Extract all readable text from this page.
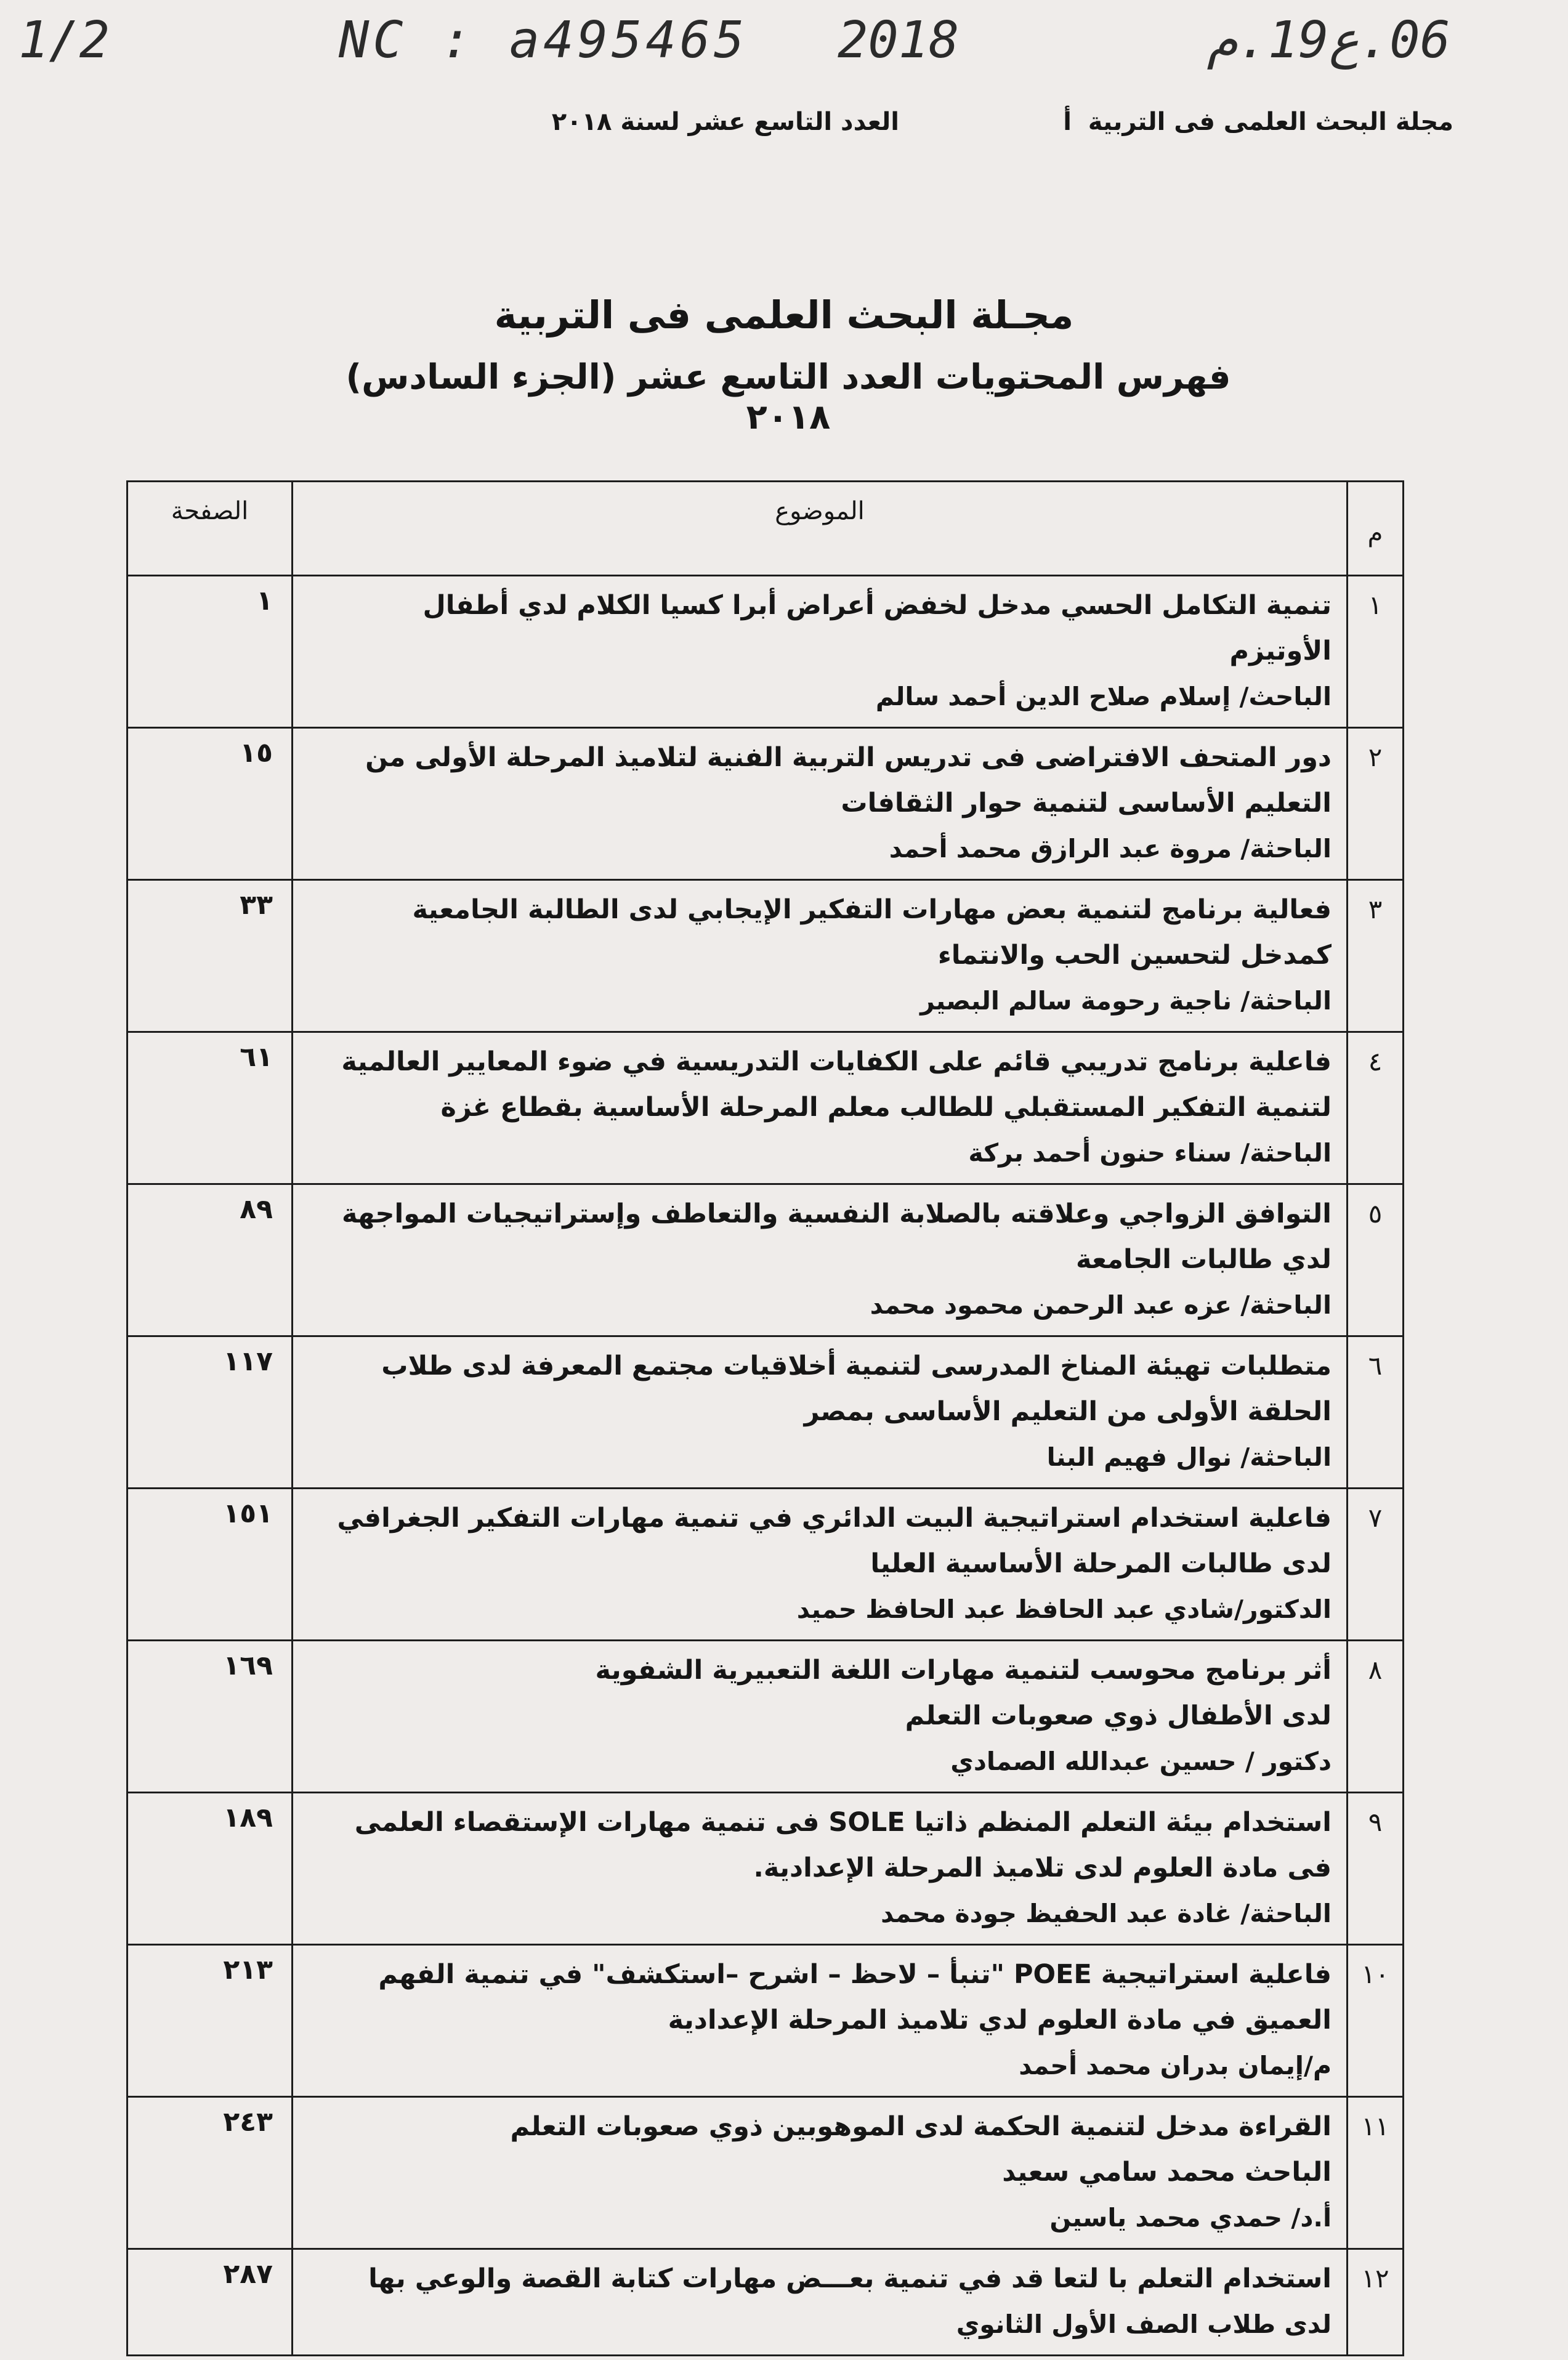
1/2	NC : a495465 2018	06.ع19.م
مجلة البحث العلمى فى التربية
أ
العدد التاسع عشر لسنة ٢٠١٨
مجـلة البحث العلمى فى التربية
فهرس المحتويات العدد التاسع عشر (الجزء السادس) ٢٠١٨
م	الموضوع	الصفحة

١	تنمية التكامل الحسي مدخل لخفض أعراض أبرا كسيا الكلام لدي أطفال
الأوتيزم
الباحث/ إسلام صلاح الدين أحمد سالم	١

٢	دور المتحف الافتراضى فى تدريس التربية الفنية لتلاميذ المرحلة الأولى من
التعليم الأساسى لتنمية حوار الثقافات
الباحثة/ مروة عبد الرازق محمد أحمد	١٥

٣	فعالية برنامج لتنمية بعض مهارات التفكير الإيجابي لدى الطالبة الجامعية
كمدخل لتحسين الحب والانتماء
الباحثة/ ناجية رحومة سالم البصير	٣٣

٤	فاعلية برنامج تدريبي قائم على الكفايات التدريسية في ضوء المعايير العالمية
لتنمية التفكير المستقبلي للطالب معلم المرحلة الأساسية بقطاع غزة
الباحثة/ سناء حنون أحمد بركة	٦١

٥	التوافق الزواجي وعلاقته بالصلابة النفسية والتعاطف وإستراتيجيات المواجهة
لدي طالبات الجامعة
الباحثة/ عزه عبد الرحمن محمود محمد	٨٩

٦	متطلبات تهيئة المناخ المدرسى لتنمية أخلاقيات مجتمع المعرفة لدى طلاب
الحلقة الأولى من التعليم الأساسى بمصر
الباحثة/ نوال فهيم البنا	١١٧

٧	فاعلية استخدام استراتيجية البيت الدائري في تنمية مهارات التفكير الجغرافي
لدى طالبات المرحلة الأساسية العليا
الدكتور/شادي عبد الحافظ عبد الحافظ حميد	١٥١

٨	أثر برنامج محوسب لتنمية مهارات اللغة التعبيرية الشفوية
لدى الأطفال ذوي صعوبات التعلم
دكتور / حسين عبدالله الصمادي	١٦٩

٩	استخدام بيئة التعلم المنظم ذاتيا SOLE فى تنمية مهارات الإستقصاء العلمى
فى مادة العلوم لدى تلاميذ المرحلة الإعدادية.
الباحثة/ غادة عبد الحفيظ جودة محمد	١٨٩

١٠	فاعلية استراتيجية POEE "تنبأ – لاحظ – اشرح –استكشف" في تنمية الفهم
العميق في مادة العلوم لدي تلاميذ المرحلة الإعدادية
م/إيمان بدران محمد أحمد	٢١٣

١١	القراءة مدخل لتنمية الحكمة لدى الموهوبين ذوي صعوبات التعلم
الباحث محمد سامي سعيد
أ.د/ حمدي محمد ياسين	٢٤٣

١٢	استخدام التعلم با لتعا قد في تنمية بعـــض مهارات كتابة القصة والوعي بها
لدى طلاب الصف الأول الثانوي	٢٨٧
